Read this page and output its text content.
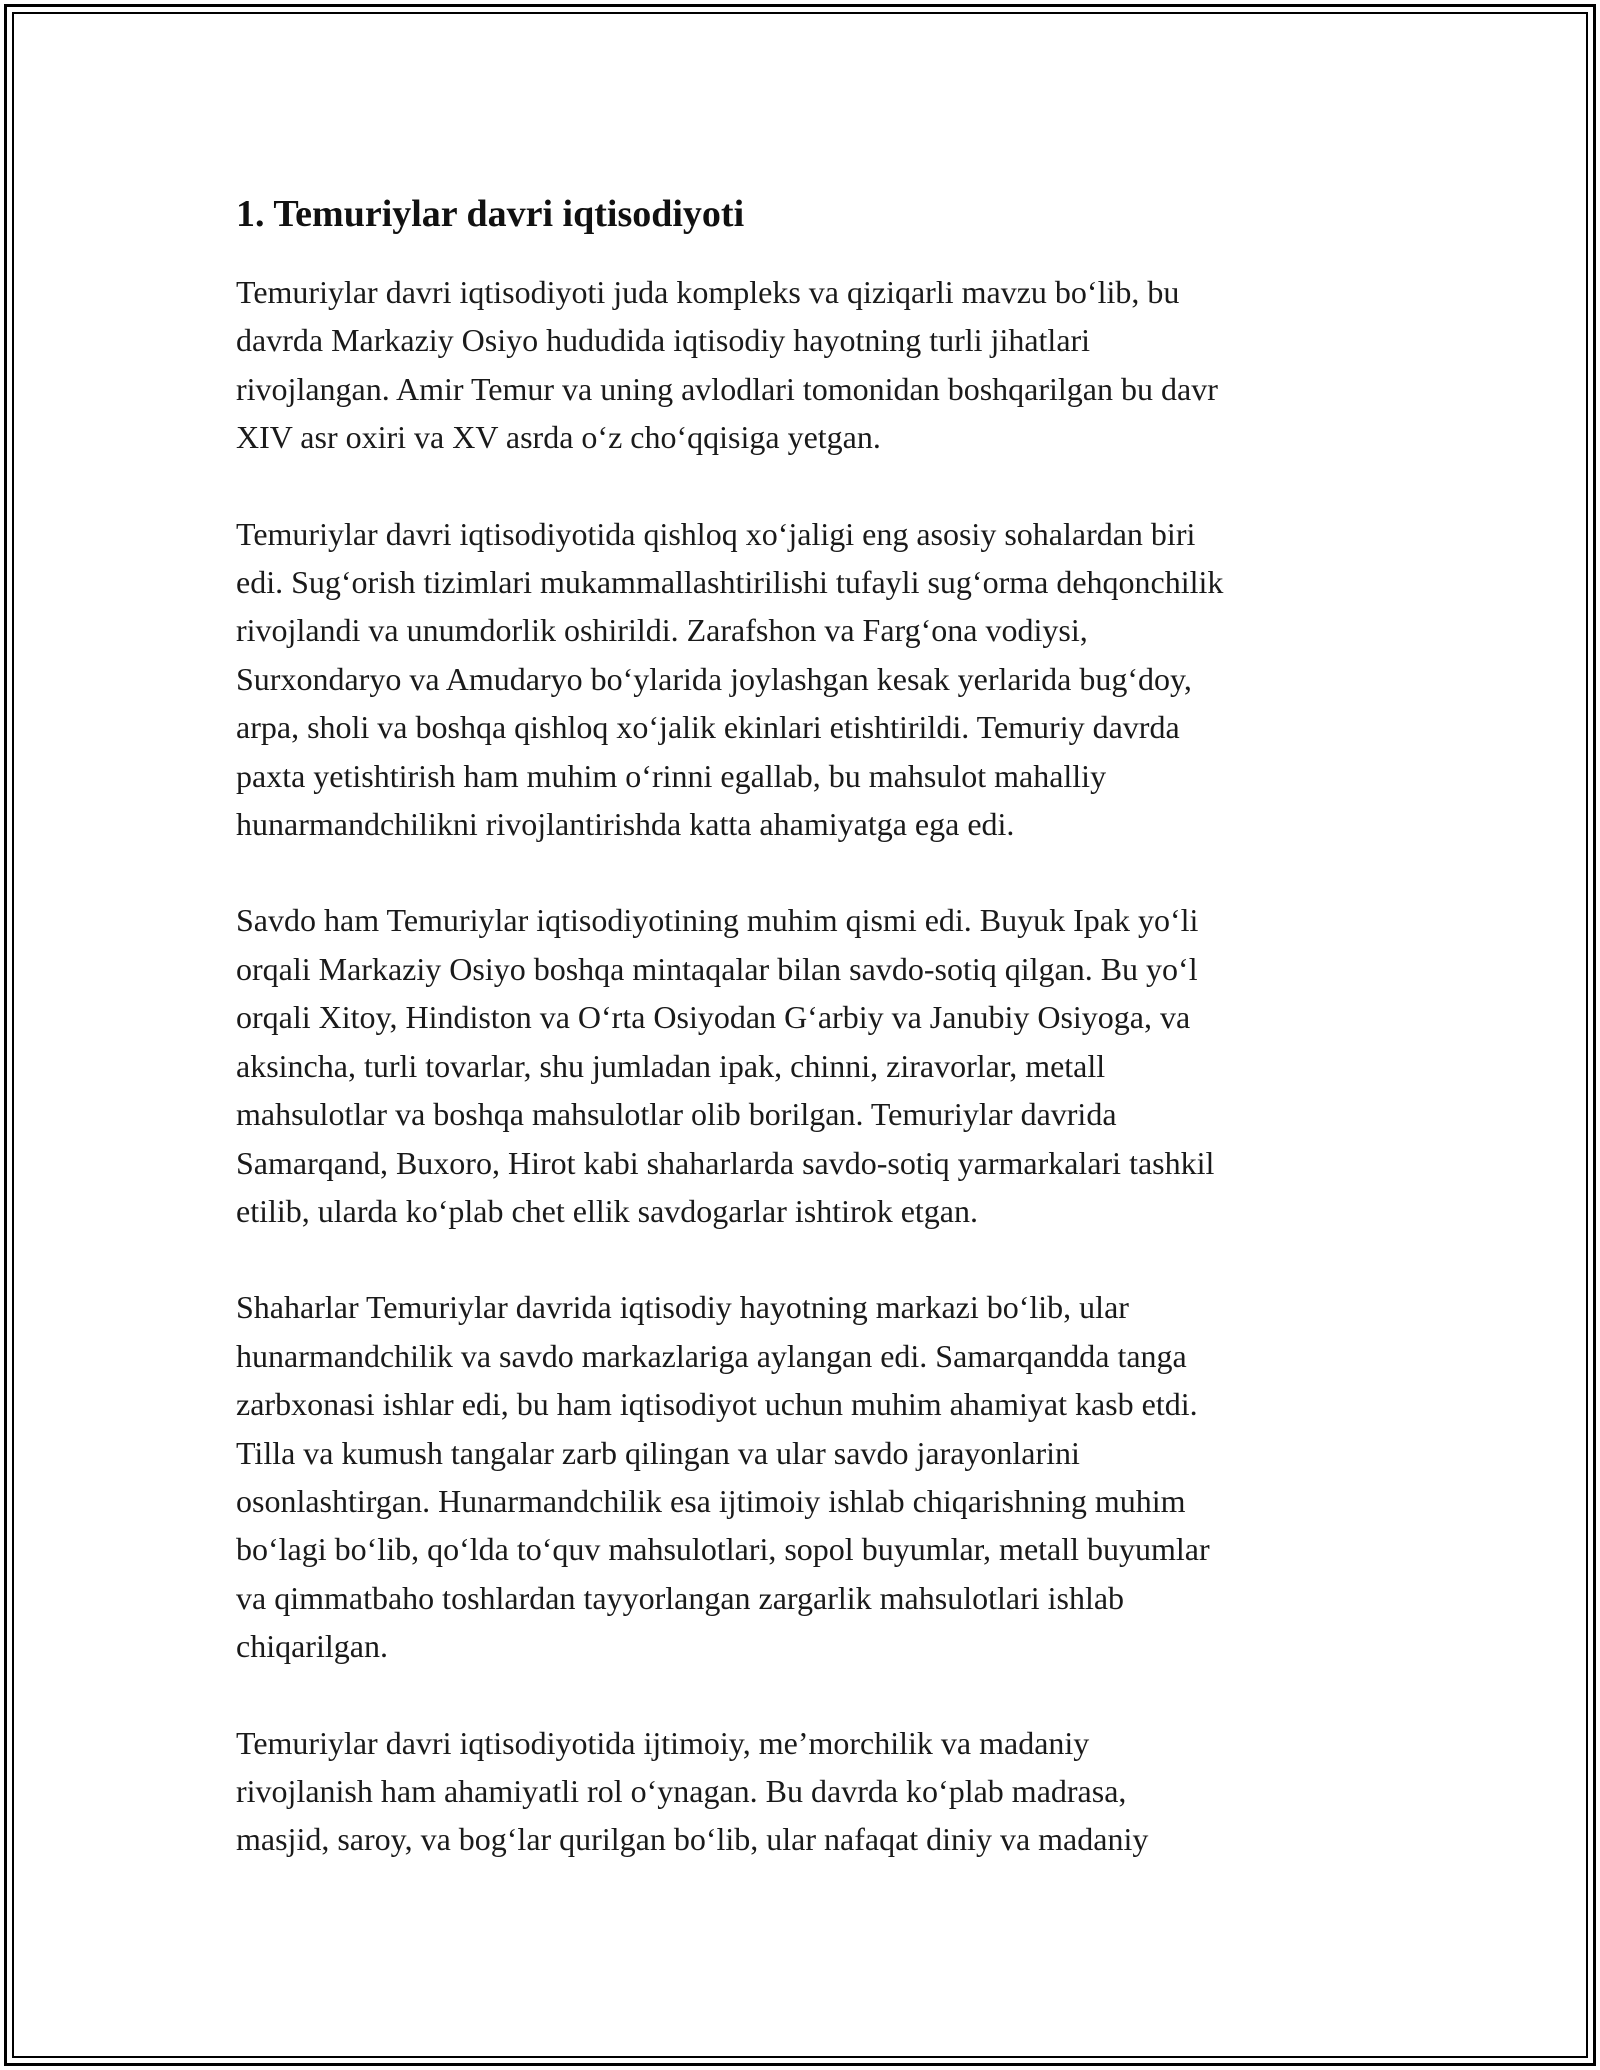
1. Temuriylar davri iqtisodiyoti

Temuriylar davri iqtisodiyoti juda kompleks va qiziqarli mavzu bo‘lib, bu
davrda Markaziy Osiyo hududida iqtisodiy hayotning turli jihatlari
rivojlangan. Amir Temur va uning avlodlari tomonidan boshqarilgan bu davr
XIV asr oxiri va XV asrda o‘z cho‘qqisiga yetgan.

Temuriylar davri iqtisodiyotida qishloq xo‘jaligi eng asosiy sohalardan biri
edi. Sug‘orish tizimlari mukammallashtirilishi tufayli sug‘orma dehqonchilik
rivojlandi va unumdorlik oshirildi. Zarafshon va Farg‘ona vodiysi,
Surxondaryo va Amudaryo bo‘ylarida joylashgan kesak yerlarida bug‘doy,
arpa, sholi va boshqa qishloq xo‘jalik ekinlari etishtirildi. Temuriy davrda
paxta yetishtirish ham muhim o‘rinni egallab, bu mahsulot mahalliy
hunarmandchilikni rivojlantirishda katta ahamiyatga ega edi.

Savdo ham Temuriylar iqtisodiyotining muhim qismi edi. Buyuk Ipak yo‘li
orqali Markaziy Osiyo boshqa mintaqalar bilan savdo-sotiq qilgan. Bu yo‘l
orqali Xitoy, Hindiston va O‘rta Osiyodan G‘arbiy va Janubiy Osiyoga, va
aksincha, turli tovarlar, shu jumladan ipak, chinni, ziravorlar, metall
mahsulotlar va boshqa mahsulotlar olib borilgan. Temuriylar davrida
Samarqand, Buxoro, Hirot kabi shaharlarda savdo-sotiq yarmarkalari tashkil
etilib, ularda ko‘plab chet ellik savdogarlar ishtirok etgan.

Shaharlar Temuriylar davrida iqtisodiy hayotning markazi bo‘lib, ular
hunarmandchilik va savdo markazlariga aylangan edi. Samarqandda tanga
zarbxonasi ishlar edi, bu ham iqtisodiyot uchun muhim ahamiyat kasb etdi.
Tilla va kumush tangalar zarb qilingan va ular savdo jarayonlarini
osonlashtirgan. Hunarmandchilik esa ijtimoiy ishlab chiqarishning muhim
bo‘lagi bo‘lib, qo‘lda to‘quv mahsulotlari, sopol buyumlar, metall buyumlar
va qimmatbaho toshlardan tayyorlangan zargarlik mahsulotlari ishlab
chiqarilgan.

Temuriylar davri iqtisodiyotida ijtimoiy, me’morchilik va madaniy
rivojlanish ham ahamiyatli rol o‘ynagan. Bu davrda ko‘plab madrasa,
masjid, saroy, va bog‘lar qurilgan bo‘lib, ular nafaqat diniy va madaniy
